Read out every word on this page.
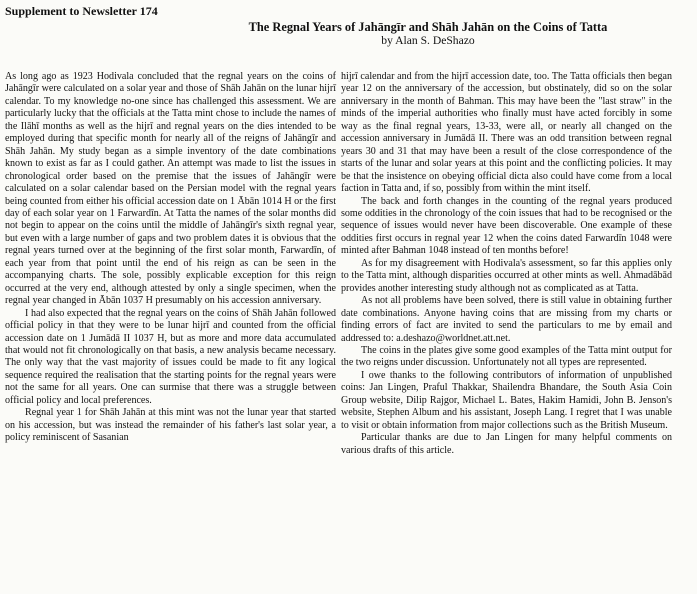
Supplement to Newsletter 174
The Regnal Years of Jahāngīr and Shāh Jahān on the Coins of Tatta
by Alan S. DeShazo

As long ago as 1923 Hodivala concluded that the regnal years on the coins of Jahāngīr were calculated on a solar year and those of Shāh Jahān on the lunar hijrī calendar. To my knowledge no-one since has challenged this assessment. We are particularly lucky that the officials at the Tatta mint chose to include the names of the Ilāhī months as well as the hijrī and regnal years on the dies intended to be employed during that specific month for nearly all of the reigns of Jahāngīr and Shāh Jahān. My study began as a simple inventory of the date combinations known to exist as far as I could gather. An attempt was made to list the issues in chronological order based on the premise that the issues of Jahāngīr were calculated on a solar calendar based on the Persian model with the regnal years being counted from either his official accession date on 1 Ābān 1014 H or the first day of each solar year on 1 Farwardīn. At Tatta the names of the solar months did not begin to appear on the coins until the middle of Jahāngīr's sixth regnal year, but even with a large number of gaps and two problem dates it is obvious that the regnal years turned over at the beginning of the first solar month, Farwardīn, of each year from that point until the end of his reign as can be seen in the accompanying charts. The sole, possibly explicable exception for this reign occurred at the very end, although attested by only a single specimen, when the regnal year changed in Ābān 1037 H presumably on his accession anniversary.

I had also expected that the regnal years on the coins of Shāh Jahān followed official policy in that they were to be lunar hijrī and counted from the official accession date on 1 Jumādā II 1037 H, but as more and more data accumulated that would not fit chronologically on that basis, a new analysis became necessary. The only way that the vast majority of issues could be made to fit any logical sequence required the realisation that the starting points for the regnal years were not the same for all years. One can surmise that there was a struggle between official policy and local preferences.

Regnal year 1 for Shāh Jahān at this mint was not the lunar year that started on his accession, but was instead the remainder of his father's last solar year, a policy reminiscent of Sasanian

hijrī calendar and from the hijrī accession date, too. The Tatta officials then began year 12 on the anniversary of the accession, but obstinately, did so on the solar anniversary in the month of Bahman. This may have been the "last straw" in the minds of the imperial authorities who finally must have acted forcibly in some way as the final regnal years, 13-33, were all, or nearly all changed on the accession anniversary in Jumādā II. There was an odd transition between regnal years 30 and 31 that may have been a result of the close correspondence of the starts of the lunar and solar years at this point and the conflicting policies. It may be that the insistence on obeying official dicta also could have come from a local faction in Tatta and, if so, possibly from within the mint itself.

The back and forth changes in the counting of the regnal years produced some oddities in the chronology of the coin issues that had to be recognised or the sequence of issues would never have been discoverable. One example of these oddities first occurs in regnal year 12 when the coins dated Farwardīn 1048 were minted after Bahman 1048 instead of ten months before!

As for my disagreement with Hodivala's assessment, so far this applies only to the Tatta mint, although disparities occurred at other mints as well. Ahmadābād provides another interesting study although not as complicated as at Tatta.

As not all problems have been solved, there is still value in obtaining further date combinations. Anyone having coins that are missing from my charts or finding errors of fact are invited to send the particulars to me by email and addressed to: a.deshazo@worldnet.att.net.

The coins in the plates give some good examples of the Tatta mint output for the two reigns under discussion. Unfortunately not all types are represented.

I owe thanks to the following contributors of information of unpublished coins: Jan Lingen, Praful Thakkar, Shailendra Bhandare, the South Asia Coin Group website, Dilip Rajgor, Michael L. Bates, Hakim Hamidi, John B. Jenson's website, Stephen Album and his assistant, Joseph Lang. I regret that I was unable to visit or obtain information from major collections such as the British Museum.

Particular thanks are due to Jan Lingen for many helpful comments on various drafts of this article.
